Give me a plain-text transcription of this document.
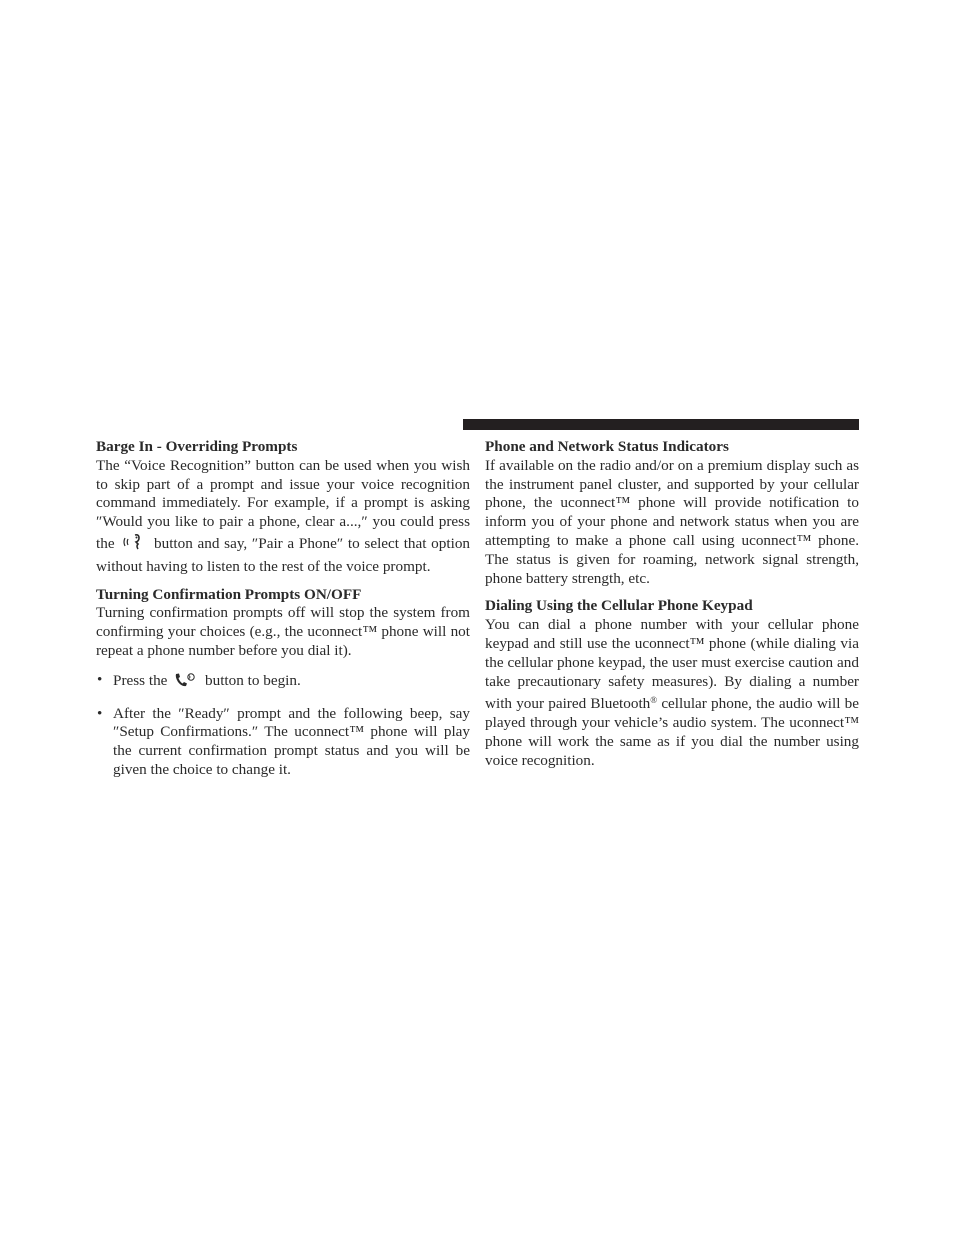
Barge In - Overriding Prompts

The “Voice Recognition” button can be used when you wish to skip part of a prompt and issue your voice recognition command immediately. For example, if a prompt is asking ″Would you like to pair a phone, clear a...,″ you could press the	button and say, ″Pair a Phone″ to select that option without having to listen to the rest of the voice prompt.

Turning Confirmation Prompts ON/OFF

Turning confirmation prompts off will stop the system from confirming your choices (e.g., the uconnect™ phone will not repeat a phone number before you dial it).

• Press the button to begin.
• After the ″Ready″ prompt and the following beep, say ″Setup Confirmations.″ The uconnect™ phone will play the current confirmation prompt status and you will be given the choice to change it.
Phone and Network Status Indicators

If available on the radio and/or on a premium display such as the instrument panel cluster, and supported by your cellular phone, the uconnect™ phone will provide notification to inform you of your phone and network status when you are attempting to make a phone call using uconnect™ phone. The status is given for roaming, network signal strength, phone battery strength, etc.

Dialing Using the Cellular Phone Keypad

You can dial a phone number with your cellular phone keypad and still use the uconnect™ phone (while dialing via the cellular phone keypad, the user must exercise caution and take precautionary safety measures). By dialing a number with your paired Bluetooth® cellular phone, the audio will be played through your vehicle’s audio system. The uconnect™ phone will work the same as if you dial the number using voice recognition.
